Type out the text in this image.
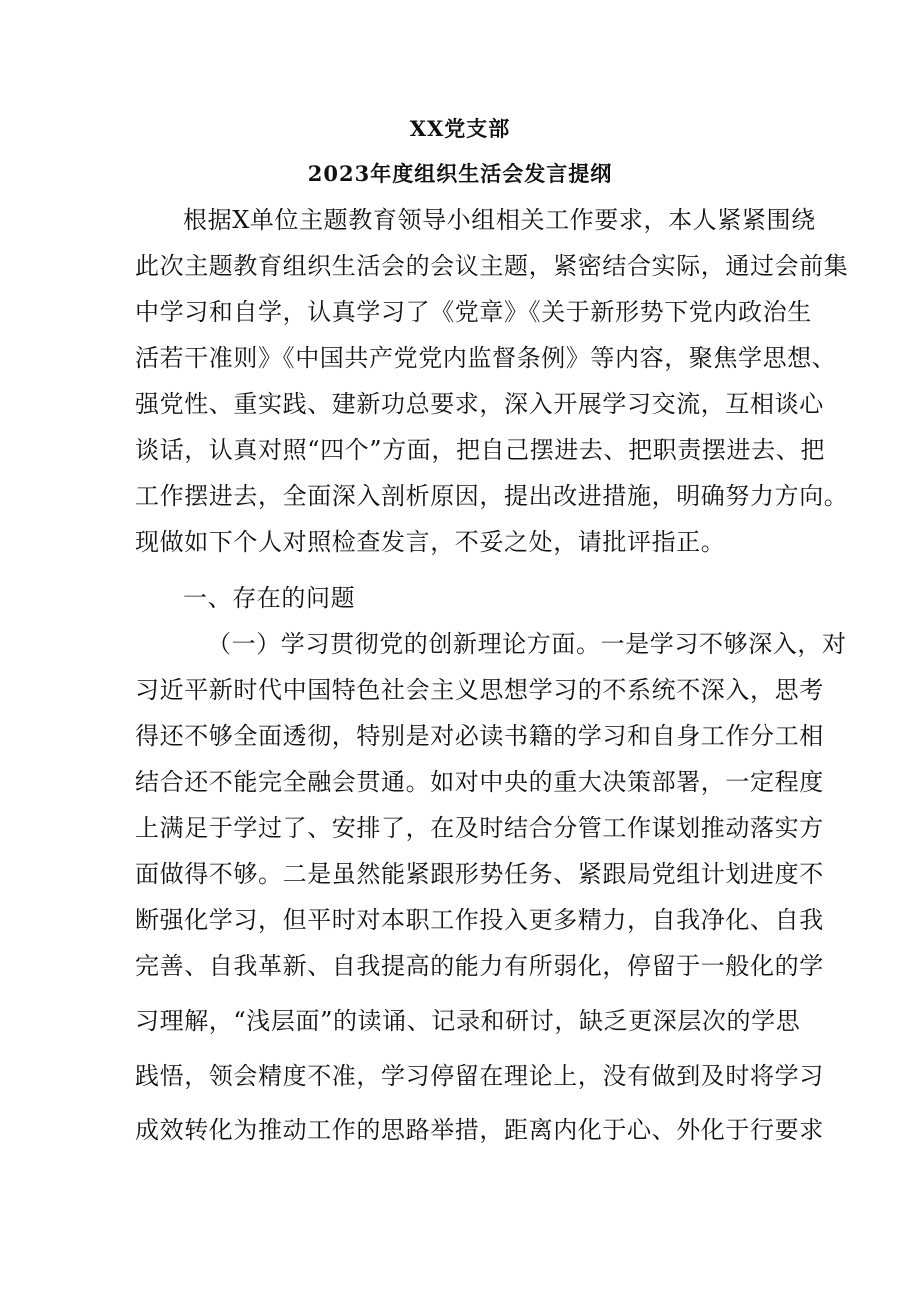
XX党支部
2023年度组织生活会发言提纲
根据X单位主题教育领导小组相关工作要求，本人紧紧围绕
此次主题教育组织生活会的会议主题，紧密结合实际，通过会前集
中学习和自学，认真学习了《党章》《关于新形势下党内政治生
活若干准则》《中国共产党党内监督条例》等内容，聚焦学思想、
强党性、重实践、建新功总要求，深入开展学习交流，互相谈心
谈话，认真对照“四个”方面，把自己摆进去、把职责摆进去、把
工作摆进去，全面深入剖析原因，提出改进措施，明确努力方向。
现做如下个人对照检查发言，不妥之处，请批评指正。
一、存在的问题
（一）学习贯彻党的创新理论方面。一是学习不够深入，对
习近平新时代中国特色社会主义思想学习的不系统不深入，思考
得还不够全面透彻，特别是对必读书籍的学习和自身工作分工相
结合还不能完全融会贯通。如对中央的重大决策部署，一定程度
上满足于学过了、安排了，在及时结合分管工作谋划推动落实方
面做得不够。二是虽然能紧跟形势任务、紧跟局党组计划进度不
断强化学习，但平时对本职工作投入更多精力，自我净化、自我
完善、自我革新、自我提高的能力有所弱化，停留于一般化的学
习理解，“浅层面”的读诵、记录和研讨，缺乏更深层次的学思
践悟，领会精度不准，学习停留在理论上，没有做到及时将学习
成效转化为推动工作的思路举措，距离内化于心、外化于行要求
